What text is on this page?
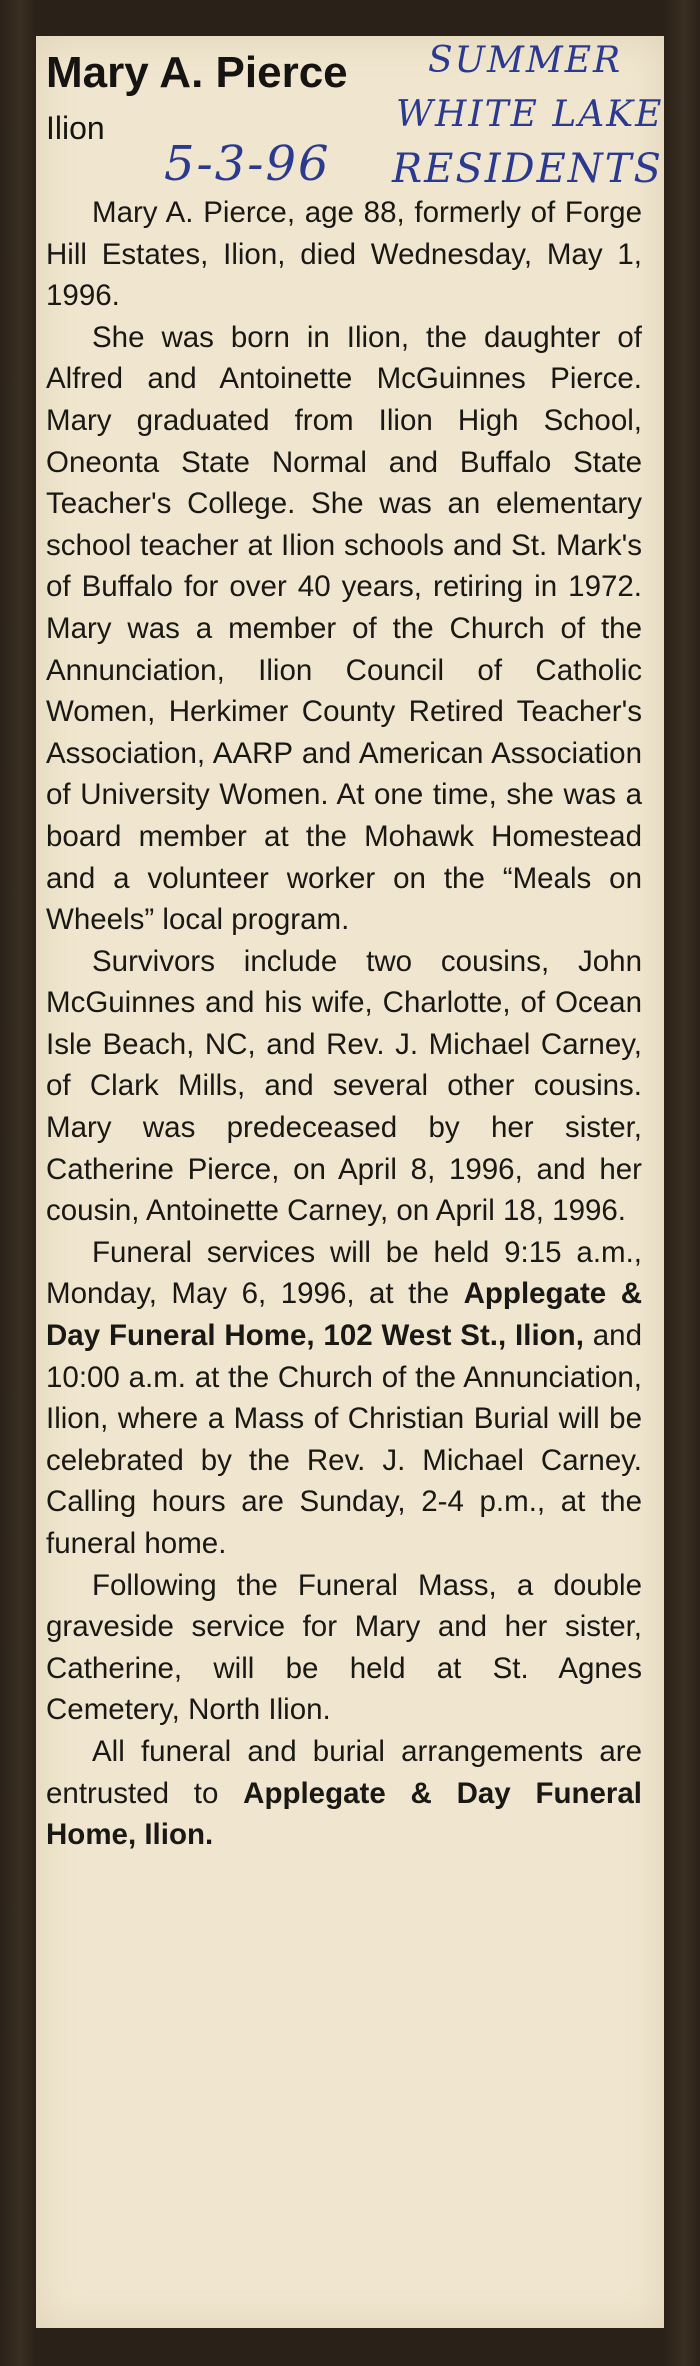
Mary A. Pierce
Ilion
SUMMER
WHITE LAKE
5-3-96 RESIDENTS

Mary A. Pierce, age 88, formerly of Forge Hill Estates, Ilion, died Wednesday, May 1, 1996.

She was born in Ilion, the daughter of Alfred and Antoinette McGuinnes Pierce. Mary graduated from Ilion High School, Oneonta State Normal and Buffalo State Teacher's College. She was an elementary school teacher at Ilion schools and St. Mark's of Buffalo for over 40 years, retiring in 1972. Mary was a member of the Church of the Annunciation, Ilion Council of Catholic Women, Herkimer County Retired Teacher's Association, AARP and American Association of University Women. At one time, she was a board member at the Mohawk Homestead and a volunteer worker on the “Meals on Wheels” local program.

Survivors include two cousins, John McGuinnes and his wife, Charlotte, of Ocean Isle Beach, NC, and Rev. J. Michael Carney, of Clark Mills, and several other cousins. Mary was predeceased by her sister, Catherine Pierce, on April 8, 1996, and her cousin, Antoinette Carney, on April 18, 1996.

Funeral services will be held 9:15 a.m., Monday, May 6, 1996, at the Applegate & Day Funeral Home, 102 West St., Ilion, and 10:00 a.m. at the Church of the Annunciation, Ilion, where a Mass of Christian Burial will be celebrated by the Rev. J. Michael Carney. Calling hours are Sunday, 2-4 p.m., at the funeral home.

Following the Funeral Mass, a double graveside service for Mary and her sister, Catherine, will be held at St. Agnes Cemetery, North Ilion.

All funeral and burial arrangements are entrusted to Applegate & Day Funeral Home, Ilion.
